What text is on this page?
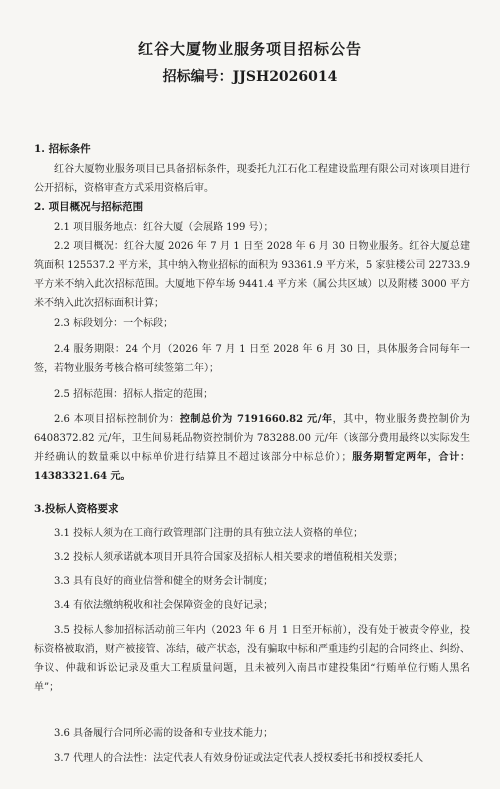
红谷大厦物业服务项目招标公告
招标编号：JJSH2026014
1. 招标条件
红谷大厦物业服务项目已具备招标条件，现委托九江石化工程建设监理有限公司对该项目进行公开招标，资格审查方式采用资格后审。
2. 项目概况与招标范围
2.1 项目服务地点：红谷大厦（会展路 199 号）；
2.2 项目概况：红谷大厦 2026 年 7 月 1 日至 2028 年 6 月 30 日物业服务。红谷大厦总建筑面积 125537.2 平方米，其中纳入物业招标的面积为 93361.9 平方米，5 家驻楼公司 22733.9 平方米不纳入此次招标范围。大厦地下停车场 9441.4 平方米（属公共区域）以及附楼 3000 平方米不纳入此次招标面积计算；
2.3 标段划分：一个标段；
2.4 服务期限：24 个月（2026 年 7 月 1 日至 2028 年 6 月 30 日，具体服务合同每年一签，若物业服务考核合格可续签第二年）；
2.5 招标范围：招标人指定的范围；
2.6 本项目招标控制价为：控制总价为 7191660.82 元/年，其中，物业服务费控制价为 6408372.82 元/年，卫生间易耗品物资控制价为 783288.00 元/年（该部分费用最终以实际发生并经确认的数量乘以中标单价进行结算且不超过该部分中标总价）；服务期暂定两年，合计：14383321.64 元。
3.投标人资格要求
3.1 投标人须为在工商行政管理部门注册的具有独立法人资格的单位；
3.2 投标人须承诺就本项目开具符合国家及招标人相关要求的增值税相关发票；
3.3 具有良好的商业信誉和健全的财务会计制度；
3.4 有依法缴纳税收和社会保障资金的良好记录；
3.5 投标人参加招标活动前三年内（2023 年 6 月 1 日至开标前），没有处于被责令停业，投标资格被取消，财产被接管、冻结，破产状态，没有骗取中标和严重违约引起的合同终止、纠纷、争议、仲裁和诉讼记录及重大工程质量问题，且未被列入南昌市建投集团“行贿单位行贿人黑名单”；
3.6 具备履行合同所必需的设备和专业技术能力；
3.7 代理人的合法性：法定代表人有效身份证或法定代表人授权委托书和授权委托人
